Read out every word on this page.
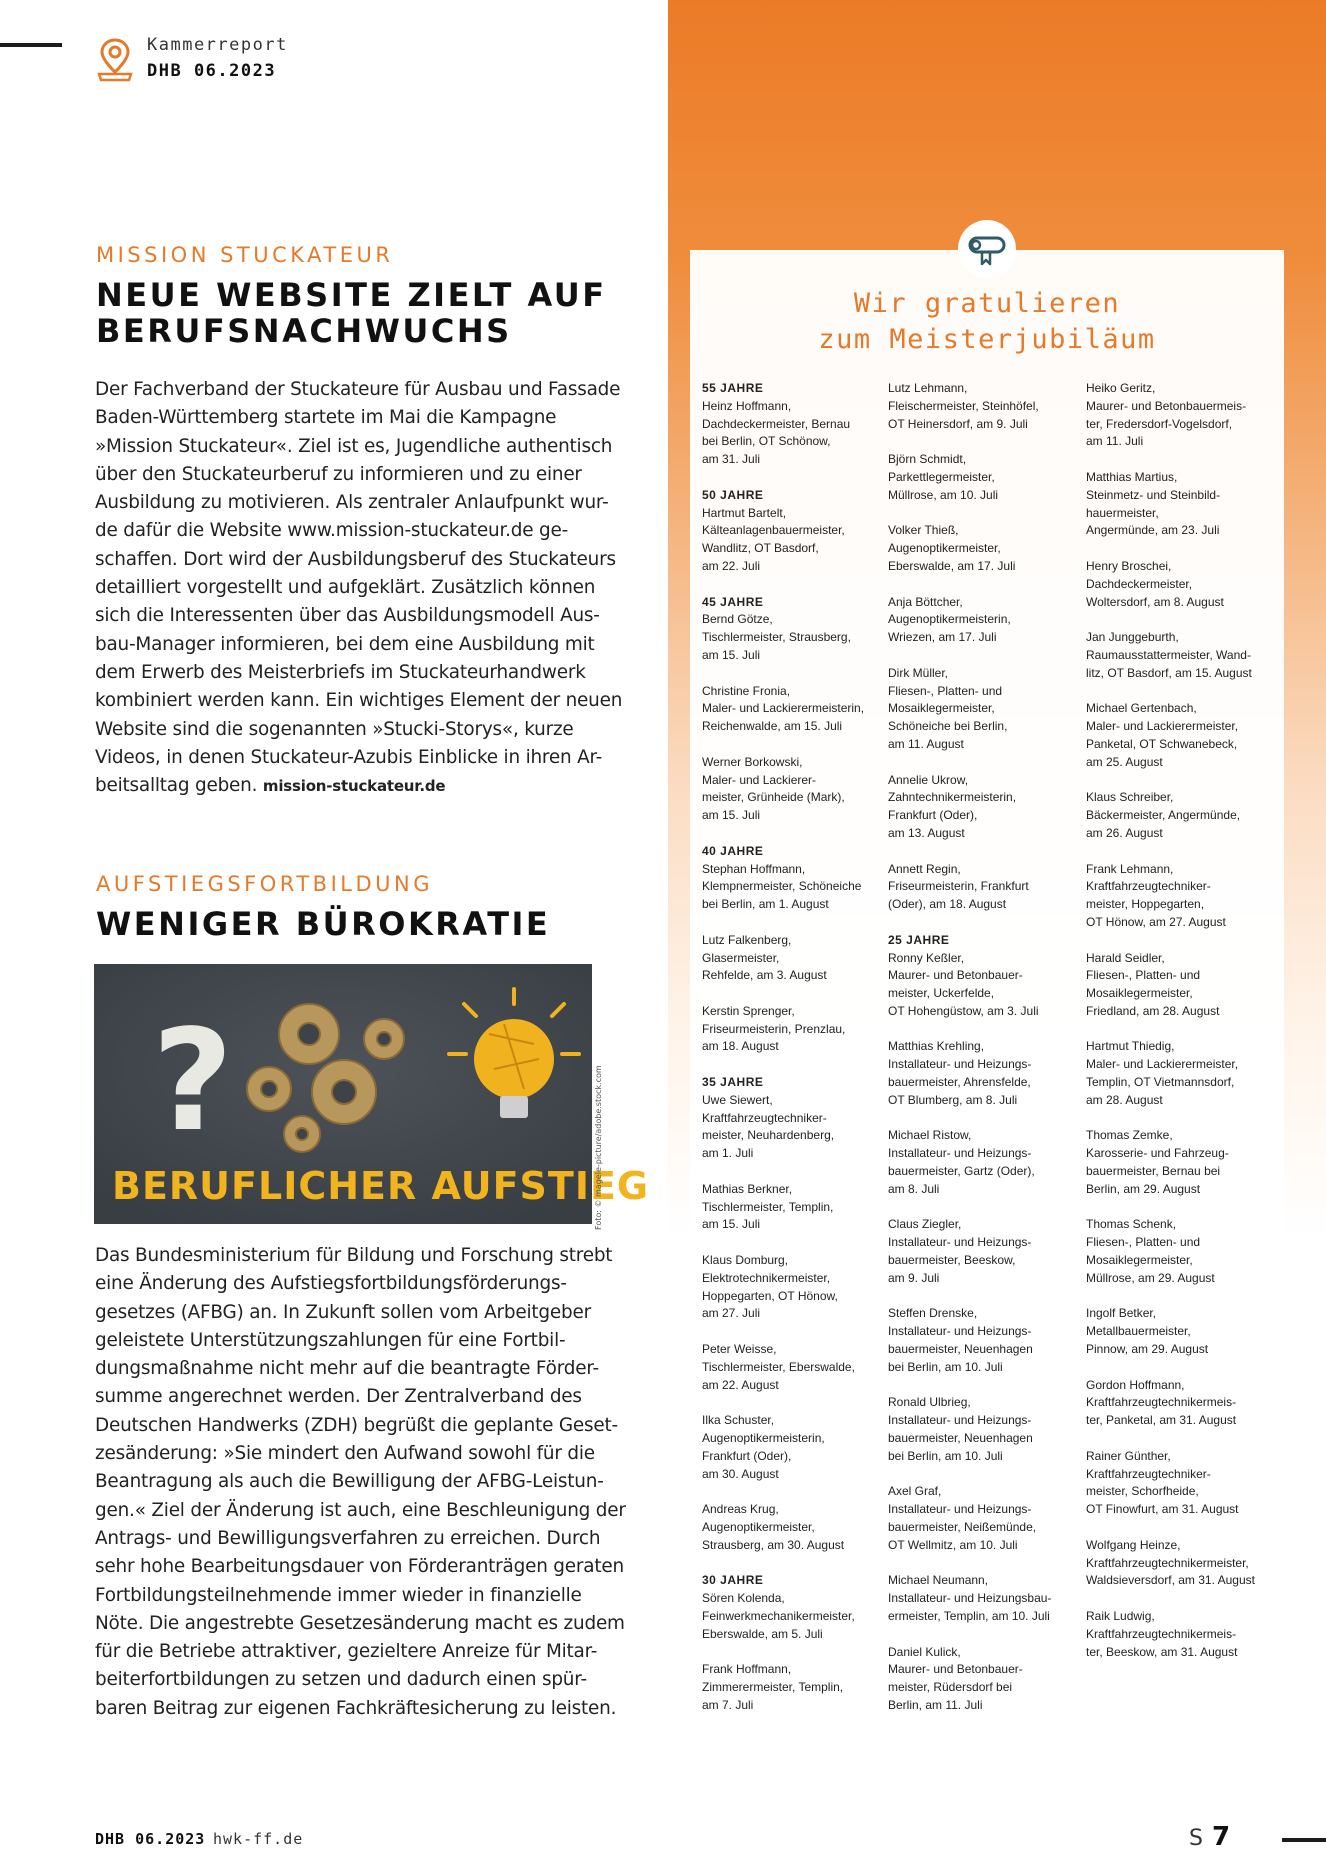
Kammerreport
DHB 06.2023
MISSION STUCKATEUR
NEUE WEBSITE ZIELT AUF
BERUFSNACHWUCHS
Der Fachverband der Stuckateure für Ausbau und Fassade
Baden-Württemberg startete im Mai die Kampagne
»Mission Stuckateur«. Ziel ist es, Jugendliche authentisch
über den Stuckateurberuf zu informieren und zu einer
Ausbildung zu motivieren. Als zentraler Anlaufpunkt wur-
de dafür die Website www.mission-stuckateur.de ge-
schaffen. Dort wird der Ausbildungsberuf des Stuckateurs
detailliert vorgestellt und aufgeklärt. Zusätzlich können
sich die Interessenten über das Ausbildungsmodell Aus-
bau-Manager informieren, bei dem eine Ausbildung mit
dem Erwerb des Meisterbriefs im Stuckateurhandwerk
kombiniert werden kann. Ein wichtiges Element der neuen
Website sind die sogenannten »Stucki-Storys«, kurze
Videos, in denen Stuckateur-Azubis Einblicke in ihren Ar-
beitsalltag geben. mission-stuckateur.de
AUFSTIEGSFORTBILDUNG
WENIGER BÜROKRATIE
?
BERUFLICHER AUFSTIEG
Foto: © magele-picture/adobe.stock.com
Das Bundesministerium für Bildung und Forschung strebt
eine Änderung des Aufstiegsfortbildungsförderungs-
gesetzes (AFBG) an. In Zukunft sollen vom Arbeitgeber
geleistete Unterstützungszahlungen für eine Fortbil-
dungsmaßnahme nicht mehr auf die beantragte Förder-
summe angerechnet werden. Der Zentralverband des
Deutschen Handwerks (ZDH) begrüßt die geplante Geset-
zesänderung: »Sie mindert den Aufwand sowohl für die
Beantragung als auch die Bewilligung der AFBG-Leistun-
gen.« Ziel der Änderung ist auch, eine Beschleunigung der
Antrags- und Bewilligungsverfahren zu erreichen. Durch
sehr hohe Bearbeitungsdauer von Förderanträgen geraten
Fortbildungsteilnehmende immer wieder in finanzielle
Nöte. Die angestrebte Gesetzesänderung macht es zudem
für die Betriebe attraktiver, gezieltere Anreize für Mitar-
beiterfortbildungen zu setzen und dadurch einen spür-
baren Beitrag zur eigenen Fachkräftesicherung zu leisten.
Wir gratulieren
zum Meisterjubiläum
55 JAHRE
Heinz Hoffmann,
Dachdeckermeister, Bernau
bei Berlin, OT Schönow,
am 31. Juli
50 JAHRE
Hartmut Bartelt,
Kälteanlagenbauermeister,
Wandlitz, OT Basdorf,
am 22. Juli
45 JAHRE
Bernd Götze,
Tischlermeister, Strausberg,
am 15. Juli
Christine Fronia,
Maler- und Lackierermeisterin,
Reichenwalde, am 15. Juli
Werner Borkowski,
Maler- und Lackierer-
meister, Grünheide (Mark),
am 15. Juli
40 JAHRE
Stephan Hoffmann,
Klempnermeister, Schöneiche
bei Berlin, am 1. August
Lutz Falkenberg,
Glasermeister,
Rehfelde, am 3. August
Kerstin Sprenger,
Friseurmeisterin, Prenzlau,
am 18. August
35 JAHRE
Uwe Siewert,
Kraftfahrzeugtechniker-
meister, Neuhardenberg,
am 1. Juli
Mathias Berkner,
Tischlermeister, Templin,
am 15. Juli
Klaus Domburg,
Elektrotechnikermeister,
Hoppegarten, OT Hönow,
am 27. Juli
Peter Weisse,
Tischlermeister, Eberswalde,
am 22. August
Ilka Schuster,
Augenoptikermeisterin,
Frankfurt (Oder),
am 30. August
Andreas Krug,
Augenoptikermeister,
Strausberg, am 30. August
30 JAHRE
Sören Kolenda,
Feinwerkmechanikermeister,
Eberswalde, am 5. Juli
Frank Hoffmann,
Zimmerermeister, Templin,
am 7. Juli
Lutz Lehmann,
Fleischermeister, Steinhöfel,
OT Heinersdorf, am 9. Juli
Björn Schmidt,
Parkettlegermeister,
Müllrose, am 10. Juli
Volker Thieß,
Augenoptikermeister,
Eberswalde, am 17. Juli
Anja Böttcher,
Augenoptikermeisterin,
Wriezen, am 17. Juli
Dirk Müller,
Fliesen-, Platten- und
Mosaiklegermeister,
Schöneiche bei Berlin,
am 11. August
Annelie Ukrow,
Zahntechnikermeisterin,
Frankfurt (Oder),
am 13. August
Annett Regin,
Friseurmeisterin, Frankfurt
(Oder), am 18. August
25 JAHRE
Ronny Keßler,
Maurer- und Betonbauer-
meister, Uckerfelde,
OT Hohengüstow, am 3. Juli
Matthias Krehling,
Installateur- und Heizungs-
bauermeister, Ahrensfelde,
OT Blumberg, am 8. Juli
Michael Ristow,
Installateur- und Heizungs-
bauermeister, Gartz (Oder),
am 8. Juli
Claus Ziegler,
Installateur- und Heizungs-
bauermeister, Beeskow,
am 9. Juli
Steffen Drenske,
Installateur- und Heizungs-
bauermeister, Neuenhagen
bei Berlin, am 10. Juli
Ronald Ulbrieg,
Installateur- und Heizungs-
bauermeister, Neuenhagen
bei Berlin, am 10. Juli
Axel Graf,
Installateur- und Heizungs-
bauermeister, Neißemünde,
OT Wellmitz, am 10. Juli
Michael Neumann,
Installateur- und Heizungsbau-
ermeister, Templin, am 10. Juli
Daniel Kulick,
Maurer- und Betonbauer-
meister, Rüdersdorf bei
Berlin, am 11. Juli
Heiko Geritz,
Maurer- und Betonbauermeis-
ter, Fredersdorf-Vogelsdorf,
am 11. Juli
Matthias Martius,
Steinmetz- und Steinbild-
hauermeister,
Angermünde, am 23. Juli
Henry Broschei,
Dachdeckermeister,
Woltersdorf, am 8. August
Jan Junggeburth,
Raumausstattermeister, Wand-
litz, OT Basdorf, am 15. August
Michael Gertenbach,
Maler- und Lackierermeister,
Panketal, OT Schwanebeck,
am 25. August
Klaus Schreiber,
Bäckermeister, Angermünde,
am 26. August
Frank Lehmann,
Kraftfahrzeugtechniker-
meister, Hoppegarten,
OT Hönow, am 27. August
Harald Seidler,
Fliesen-, Platten- und
Mosaiklegermeister,
Friedland, am 28. August
Hartmut Thiedig,
Maler- und Lackierermeister,
Templin, OT Vietmannsdorf,
am 28. August
Thomas Zemke,
Karosserie- und Fahrzeug-
bauermeister, Bernau bei
Berlin, am 29. August
Thomas Schenk,
Fliesen-, Platten- und
Mosaiklegermeister,
Müllrose, am 29. August
Ingolf Betker,
Metallbauermeister,
Pinnow, am 29. August
Gordon Hoffmann,
Kraftfahrzeugtechnikermeis-
ter, Panketal, am 31. August
Rainer Günther,
Kraftfahrzeugtechniker-
meister, Schorfheide,
OT Finowfurt, am 31. August
Wolfgang Heinze,
Kraftfahrzeugtechnikermeister,
Waldsieversdorf, am 31. August
Raik Ludwig,
Kraftfahrzeugtechnikermeis-
ter, Beeskow, am 31. August
DHB 06.2023 hwk-ff.de	S 7
